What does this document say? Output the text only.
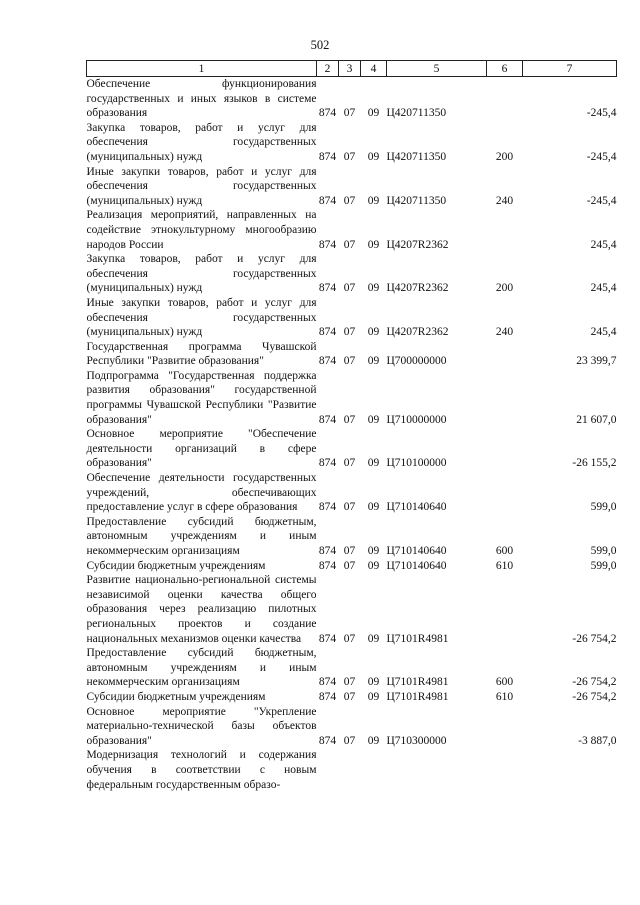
502
1	2	3	4	5	6	7
Обеспечение функционирования государственных и иных языков в системе образования	874	07	09	Ц420711350		-245,4
Закупка товаров, работ и услуг для обеспечения государственных (муниципальных) нужд	874	07	09	Ц420711350	200	-245,4
Иные закупки товаров, работ и услуг для обеспечения государственных (муниципальных) нужд	874	07	09	Ц420711350	240	-245,4
Реализация мероприятий, направленных на содействие этнокультурному многообразию народов России	874	07	09	Ц4207R2362		245,4
Закупка товаров, работ и услуг для обеспечения государственных (муниципальных) нужд	874	07	09	Ц4207R2362	200	245,4
Иные закупки товаров, работ и услуг для обеспечения государственных (муниципальных) нужд	874	07	09	Ц4207R2362	240	245,4
Государственная программа Чувашской Республики "Развитие образования"	874	07	09	Ц700000000		23 399,7
Подпрограмма "Государственная поддержка развития образования" государственной программы Чувашской Республики "Развитие образования"	874	07	09	Ц710000000		21 607,0
Основное мероприятие "Обеспечение деятельности организаций в сфере образования"	874	07	09	Ц710100000		-26 155,2
Обеспечение деятельности государственных учреждений, обеспечивающих предоставление услуг в сфере образования	874	07	09	Ц710140640		599,0
Предоставление субсидий бюджетным, автономным учреждениям и иным некоммерческим организациям	874	07	09	Ц710140640	600	599,0
Субсидии бюджетным учреждениям	874	07	09	Ц710140640	610	599,0
Развитие национально-региональной системы независимой оценки качества общего образования через реализацию пилотных региональных проектов и создание национальных механизмов оценки качества	874	07	09	Ц7101R4981		-26 754,2
Предоставление субсидий бюджетным, автономным учреждениям и иным некоммерческим организациям	874	07	09	Ц7101R4981	600	-26 754,2
Субсидии бюджетным учреждениям	874	07	09	Ц7101R4981	610	-26 754,2
Основное мероприятие "Укрепление материально-технической базы объектов образования"	874	07	09	Ц710300000		-3 887,0
Модернизация технологий и содержания обучения в соответствии с новым федеральным государственным образо-						
